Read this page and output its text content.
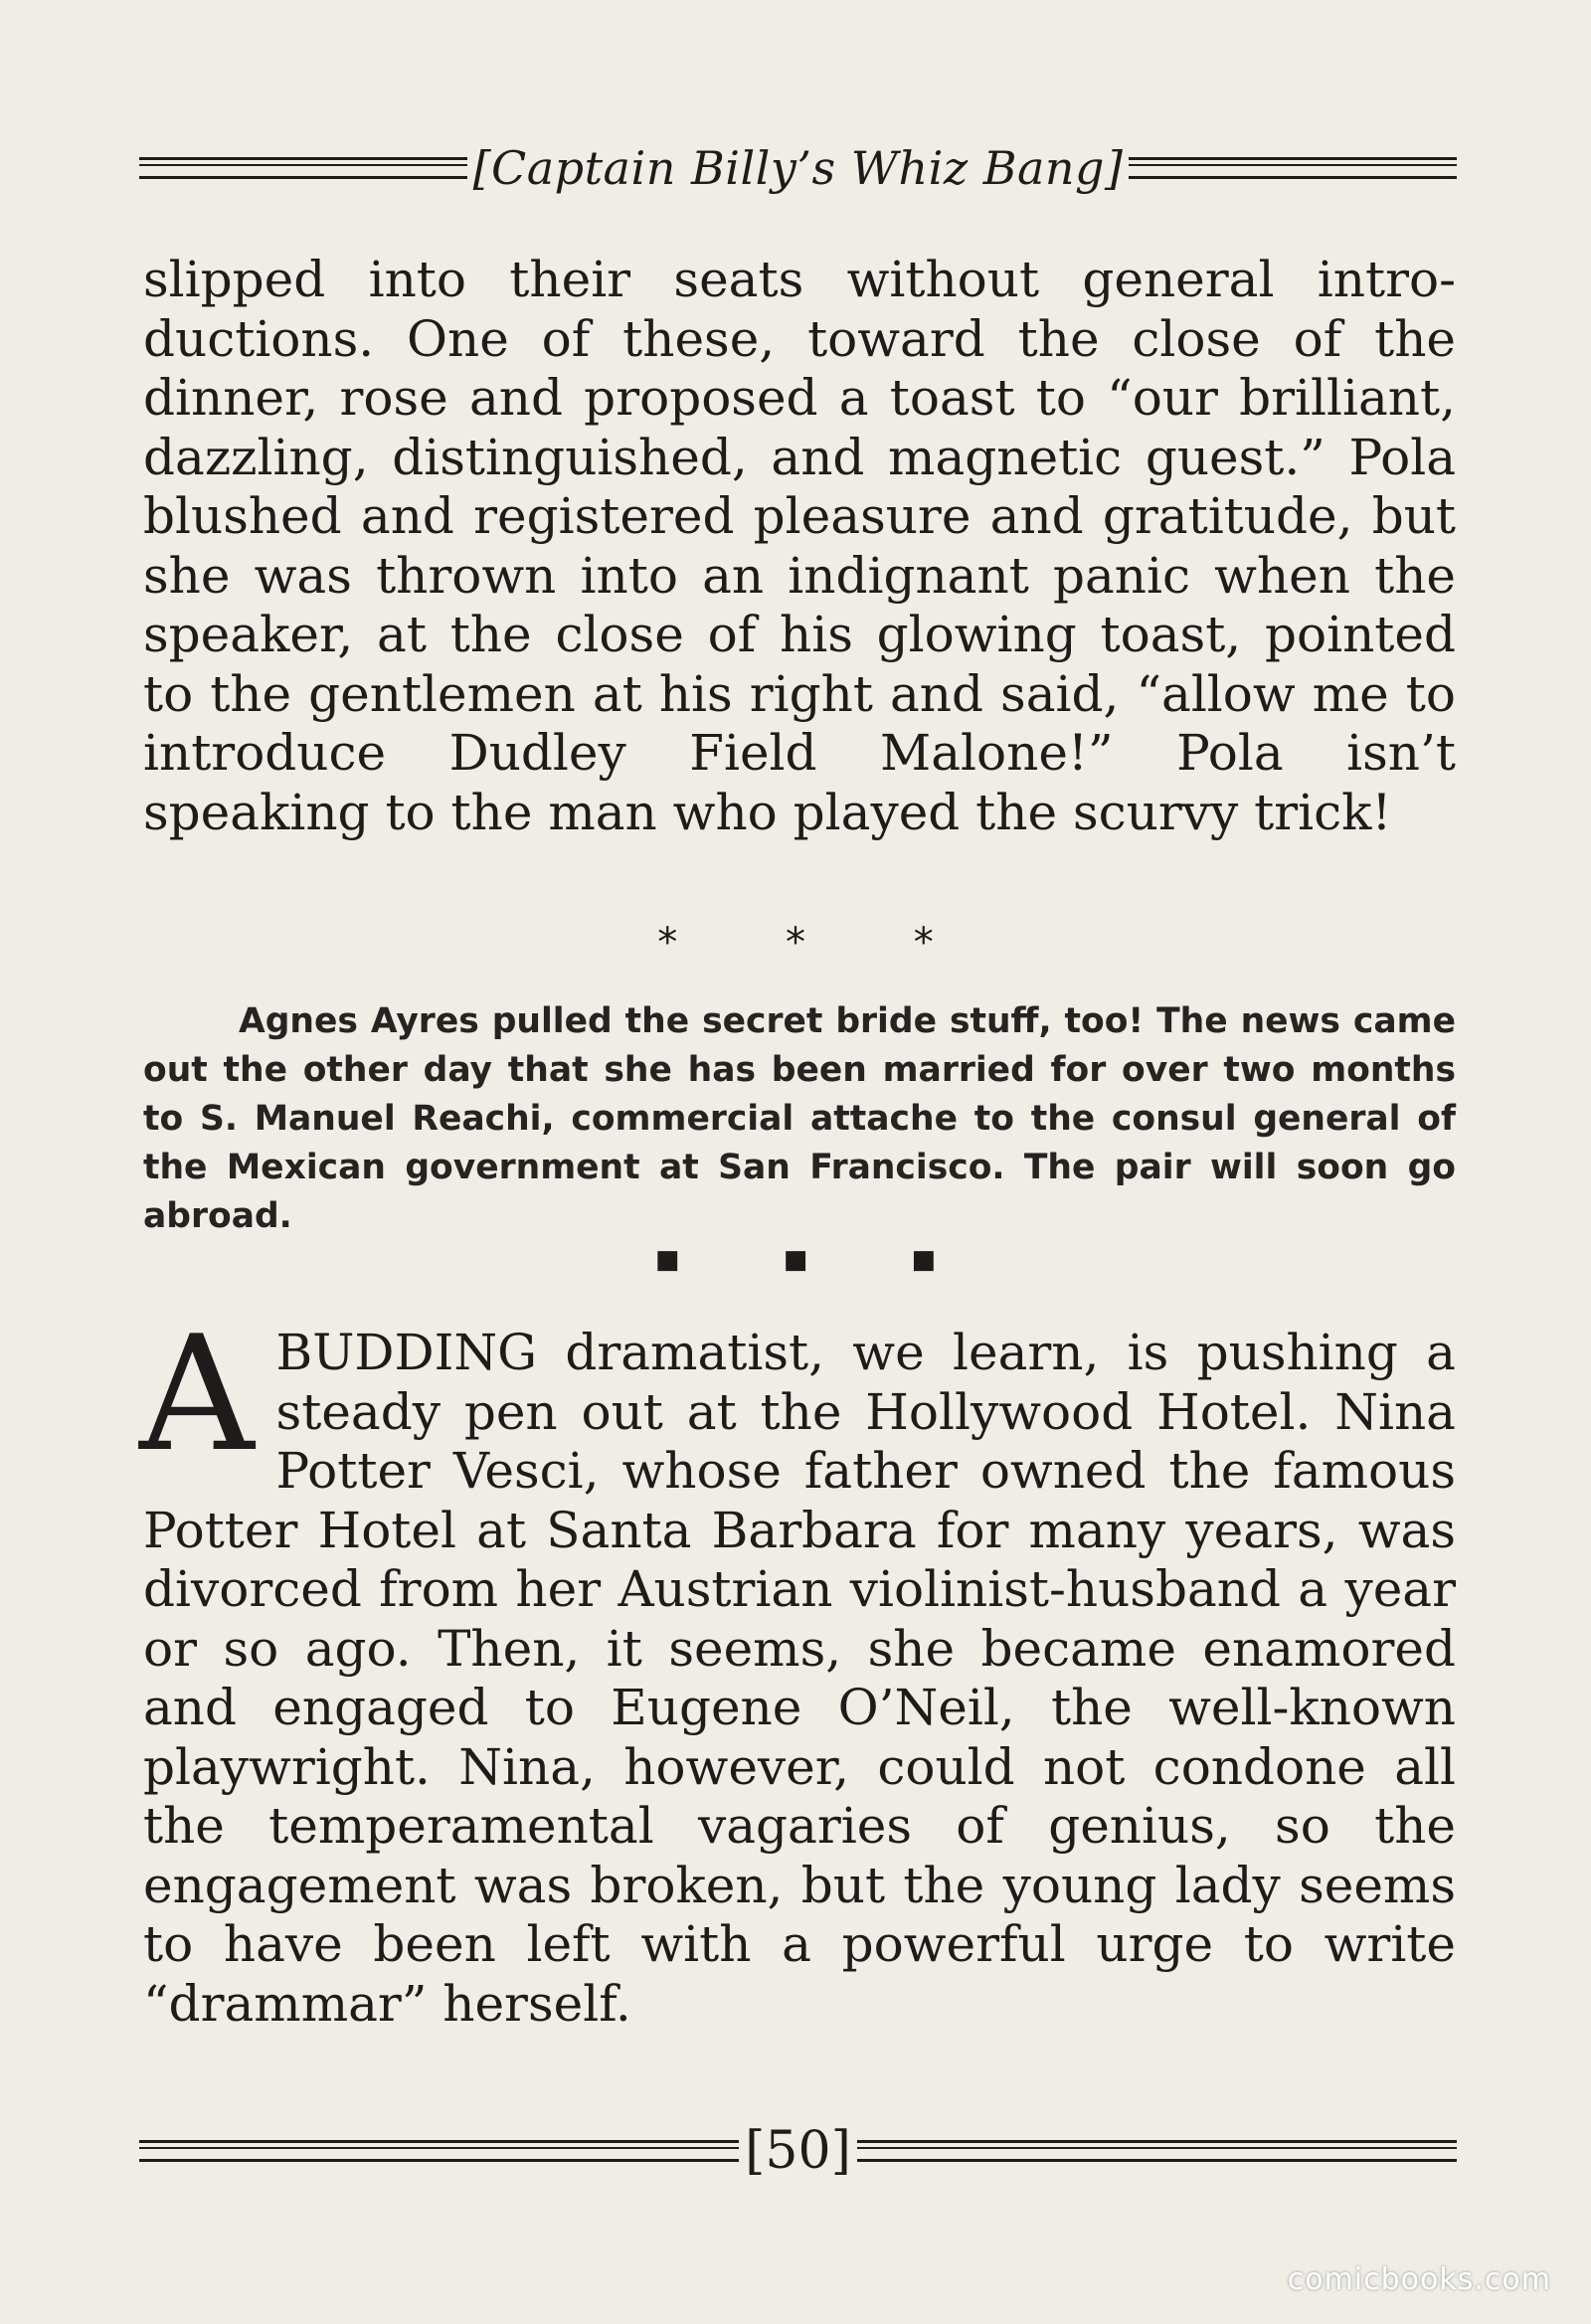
[Captain Billy’s Whiz Bang]

slipped into their seats without general introductions. One of these, toward the close of the dinner, rose and proposed a toast to “our brilliant, dazzling, distinguished, and magnetic guest.” Pola blushed and registered pleasure and gratitude, but she was thrown into an indignant panic when the speaker, at the close of his glowing toast, pointed to the gentlemen at his right and said, “allow me to introduce Dudley Field Malone!” Pola isn’t speaking to the man who played the scurvy trick!

* * *

Agnes Ayres pulled the secret bride stuff, too! The news came out the other day that she has been married for over two months to S. Manuel Reachi, commercial attache to the consul general of the Mexican government at San Francisco. The pair will soon go abroad.

■ ■ ■
A BUDDING dramatist, we learn, is pushing a steady pen out at the Hollywood Hotel. Nina Potter Vesci, whose father owned the famous Potter Hotel at Santa Barbara for many years, was divorced from her Austrian violinist-husband a year or so ago. Then, it seems, she became enamored and engaged to Eugene O’Neil, the well-known playwright. Nina, however, could not condone all the temperamental vagaries of genius, so the engagement was broken, but the young lady seems to have been left with a powerful urge to write “drammar” herself.
[50]
comicbooks.com
